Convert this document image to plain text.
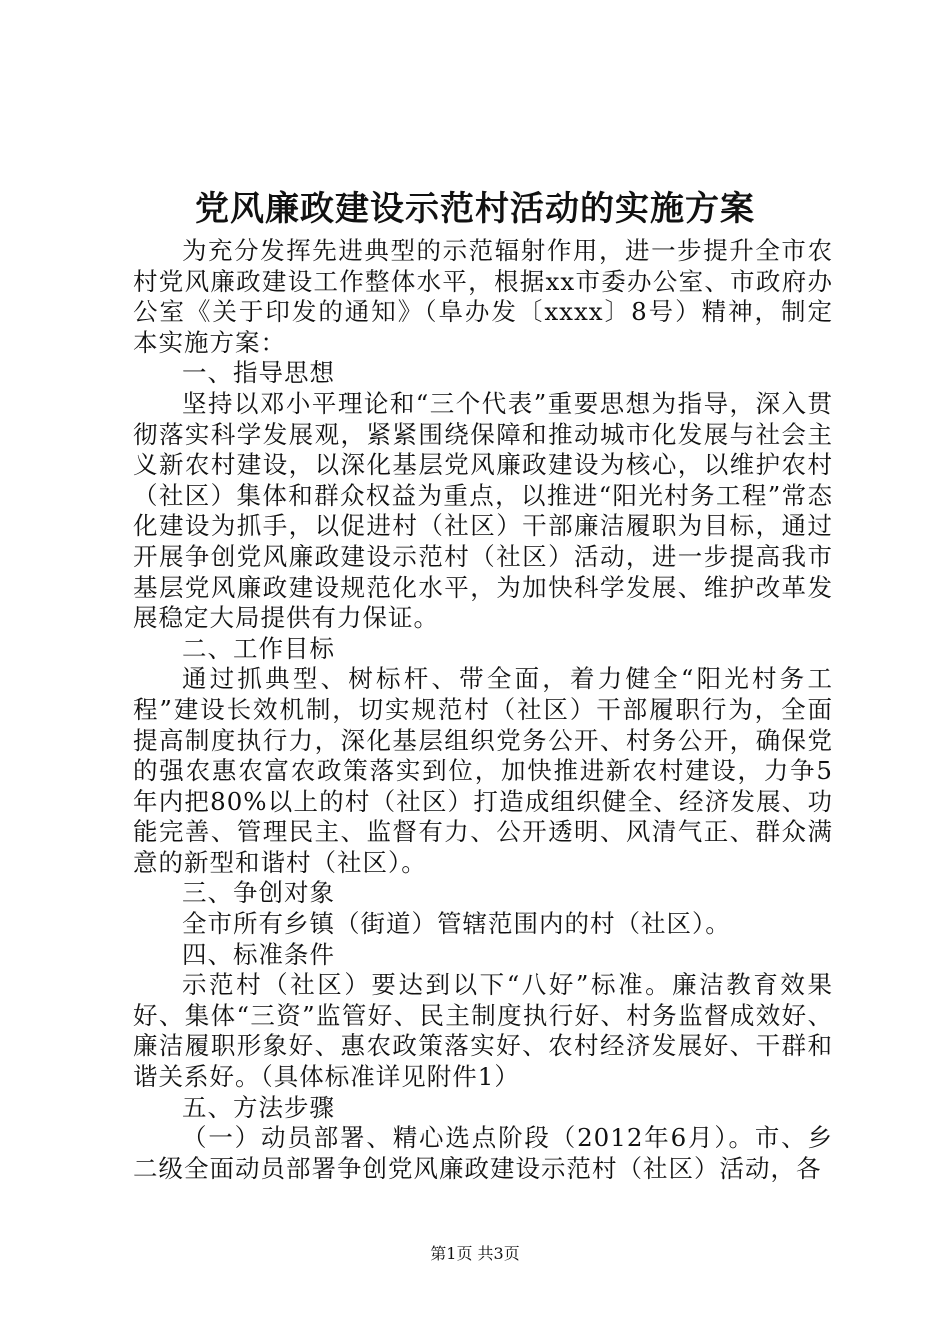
党风廉政建设示范村活动的实施方案

为充分发挥先进典型的示范辐射作用，进一步提升全市农村党风廉政建设工作整体水平，根据xx市委办公室、市政府办公室《关于印发的通知》（阜办发〔xxxx〕8号）精神，制定本实施方案：

一、指导思想

坚持以邓小平理论和“三个代表”重要思想为指导，深入贯彻落实科学发展观，紧紧围绕保障和推动城市化发展与社会主义新农村建设，以深化基层党风廉政建设为核心，以维护农村（社区）集体和群众权益为重点，以推进“阳光村务工程”常态化建设为抓手，以促进村（社区）干部廉洁履职为目标，通过开展争创党风廉政建设示范村（社区）活动，进一步提高我市基层党风廉政建设规范化水平，为加快科学发展、维护改革发展稳定大局提供有力保证。

二、工作目标

通过抓典型、树标杆、带全面，着力健全“阳光村务工程”建设长效机制，切实规范村（社区）干部履职行为，全面提高制度执行力，深化基层组织党务公开、村务公开，确保党的强农惠农富农政策落实到位，加快推进新农村建设，力争5年内把80%以上的村（社区）打造成组织健全、经济发展、功能完善、管理民主、监督有力、公开透明、风清气正、群众满意的新型和谐村（社区）。

三、争创对象

全市所有乡镇（街道）管辖范围内的村（社区）。

四、标准条件

示范村（社区）要达到以下“八好”标准。廉洁教育效果好、集体“三资”监管好、民主制度执行好、村务监督成效好、廉洁履职形象好、惠农政策落实好、农村经济发展好、干群和谐关系好。（具体标准详见附件1）

五、方法步骤

（一）动员部署、精心选点阶段（2012年6月）。市、乡二级全面动员部署争创党风廉政建设示范村（社区）活动，各

第1页 共3页
